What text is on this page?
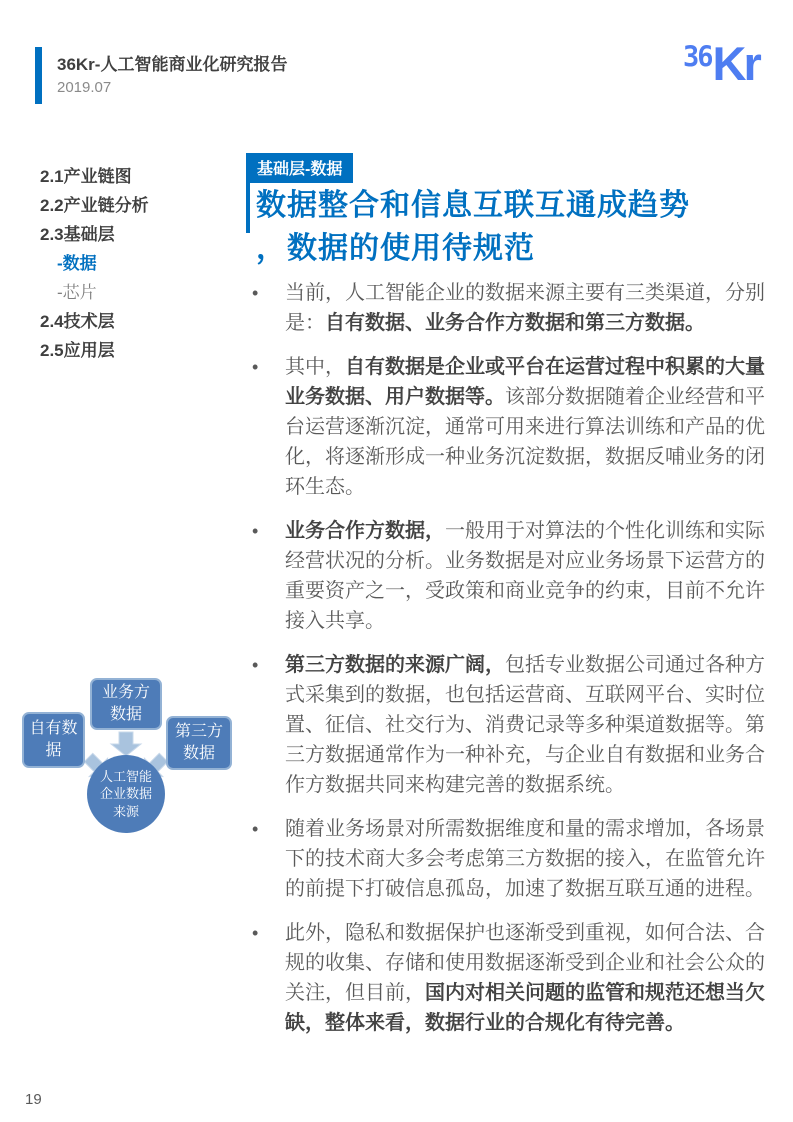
36Kr-人工智能商业化研究报告
2019.07
36 Kr
2.1产业链图
2.2产业链分析
2.3基础层
-数据
-芯片
2.4技术层
2.5应用层
基础层-数据
数据整合和信息互联互通成趋势
，数据的使用待规范
• 当前，人工智能企业的数据来源主要有三类渠道，分别是：自有数据、业务合作方数据和第三方数据。
• 其中，自有数据是企业或平台在运营过程中积累的大量业务数据、用户数据等。该部分数据随着企业经营和平台运营逐渐沉淀，通常可用来进行算法训练和产品的优化，将逐渐形成一种业务沉淀数据，数据反哺业务的闭环生态。
• 业务合作方数据，一般用于对算法的个性化训练和实际经营状况的分析。业务数据是对应业务场景下运营方的重要资产之一，受政策和商业竞争的约束，目前不允许接入共享。
• 第三方数据的来源广阔，包括专业数据公司通过各种方式采集到的数据，也包括运营商、互联网平台、实时位置、征信、社交行为、消费记录等多种渠道数据等。第三方数据通常作为一种补充，与企业自有数据和业务合作方数据共同来构建完善的数据系统。
• 随着业务场景对所需数据维度和量的需求增加，各场景下的技术商大多会考虑第三方数据的接入，在监管允许的前提下打破信息孤岛，加速了数据互联互通的进程。
• 此外，隐私和数据保护也逐渐受到重视，如何合法、合规的收集、存储和使用数据逐渐受到企业和社会公众的关注，但目前，国内对相关问题的监管和规范还想当欠缺，整体来看，数据行业的合规化有待完善。
业务方
数据
自有数
据
第三方
数据
人工智能
企业数据
来源
19
